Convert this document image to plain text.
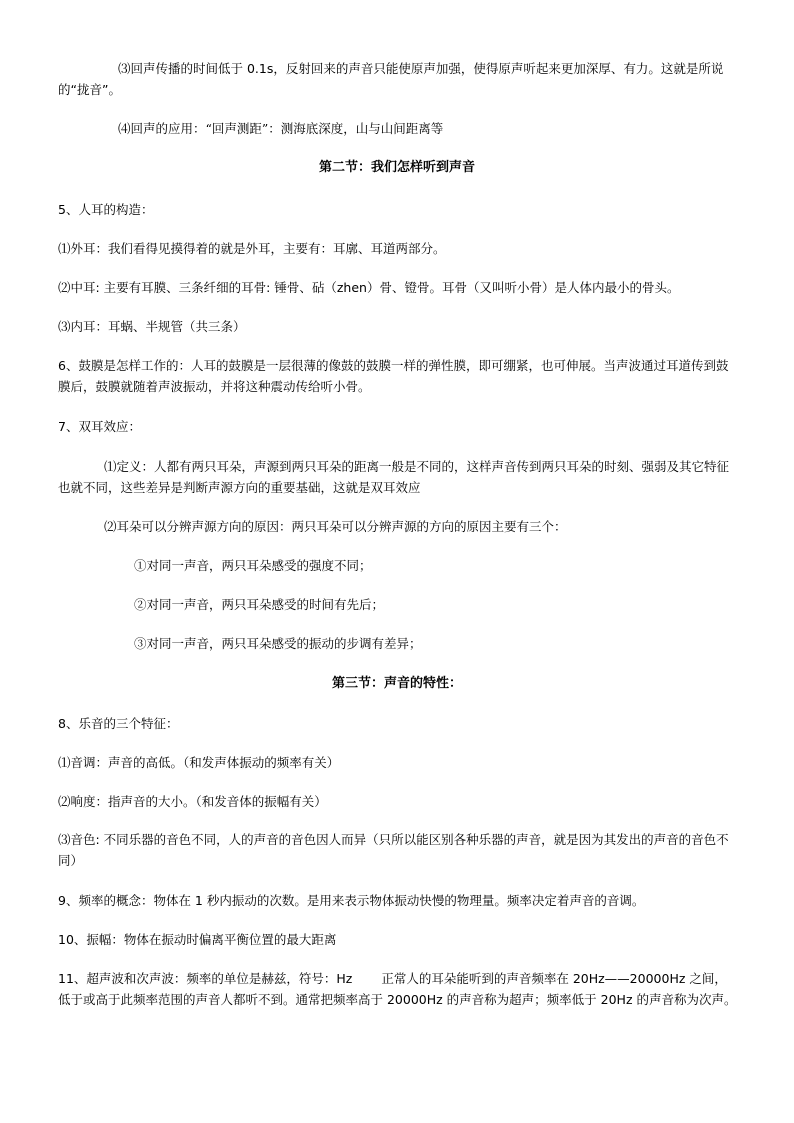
⑶回声传播的时间低于 0.1s，反射回来的声音只能使原声加强，使得原声听起来更加深厚、有力。这就是所说的“拢音”。

⑷回声的应用：“回声测距”：测海底深度，山与山间距离等

第二节：我们怎样听到声音

5、人耳的构造：

⑴外耳：我们看得见摸得着的就是外耳，主要有：耳廓、耳道两部分。

⑵中耳: 主要有耳膜、三条纤细的耳骨: 锤骨、砧（zhen）骨、镫骨。耳骨（又叫听小骨）是人体内最小的骨头。

⑶内耳：耳蜗、半规管（共三条）

6、鼓膜是怎样工作的：人耳的鼓膜是一层很薄的像鼓的鼓膜一样的弹性膜，即可绷紧，也可伸展。当声波通过耳道传到鼓膜后，鼓膜就随着声波振动，并将这种震动传给听小骨。

7、双耳效应：

⑴定义：人都有两只耳朵，声源到两只耳朵的距离一般是不同的，这样声音传到两只耳朵的时刻、强弱及其它特征也就不同，这些差异是判断声源方向的重要基础，这就是双耳效应

⑵耳朵可以分辨声源方向的原因：两只耳朵可以分辨声源的方向的原因主要有三个：

①对同一声音，两只耳朵感受的强度不同；

②对同一声音，两只耳朵感受的时间有先后；

③对同一声音，两只耳朵感受的振动的步调有差异；

第三节：声音的特性：

8、乐音的三个特征：

⑴音调：声音的高低。（和发声体振动的频率有关）

⑵响度：指声音的大小。（和发音体的振幅有关）

⑶音色: 不同乐器的音色不同，人的声音的音色因人而异（只所以能区别各种乐器的声音，就是因为其发出的声音的音色不同）

9、频率的概念：物体在 1 秒内振动的次数。是用来表示物体振动快慢的物理量。频率决定着声音的音调。

10、振幅：物体在振动时偏离平衡位置的最大距离

11、超声波和次声波：频率的单位是赫兹，符号：Hz　　 正常人的耳朵能听到的声音频率在 20Hz——20000Hz 之间，低于或高于此频率范围的声音人都听不到。通常把频率高于 20000Hz 的声音称为超声；频率低于 20Hz 的声音称为次声。
